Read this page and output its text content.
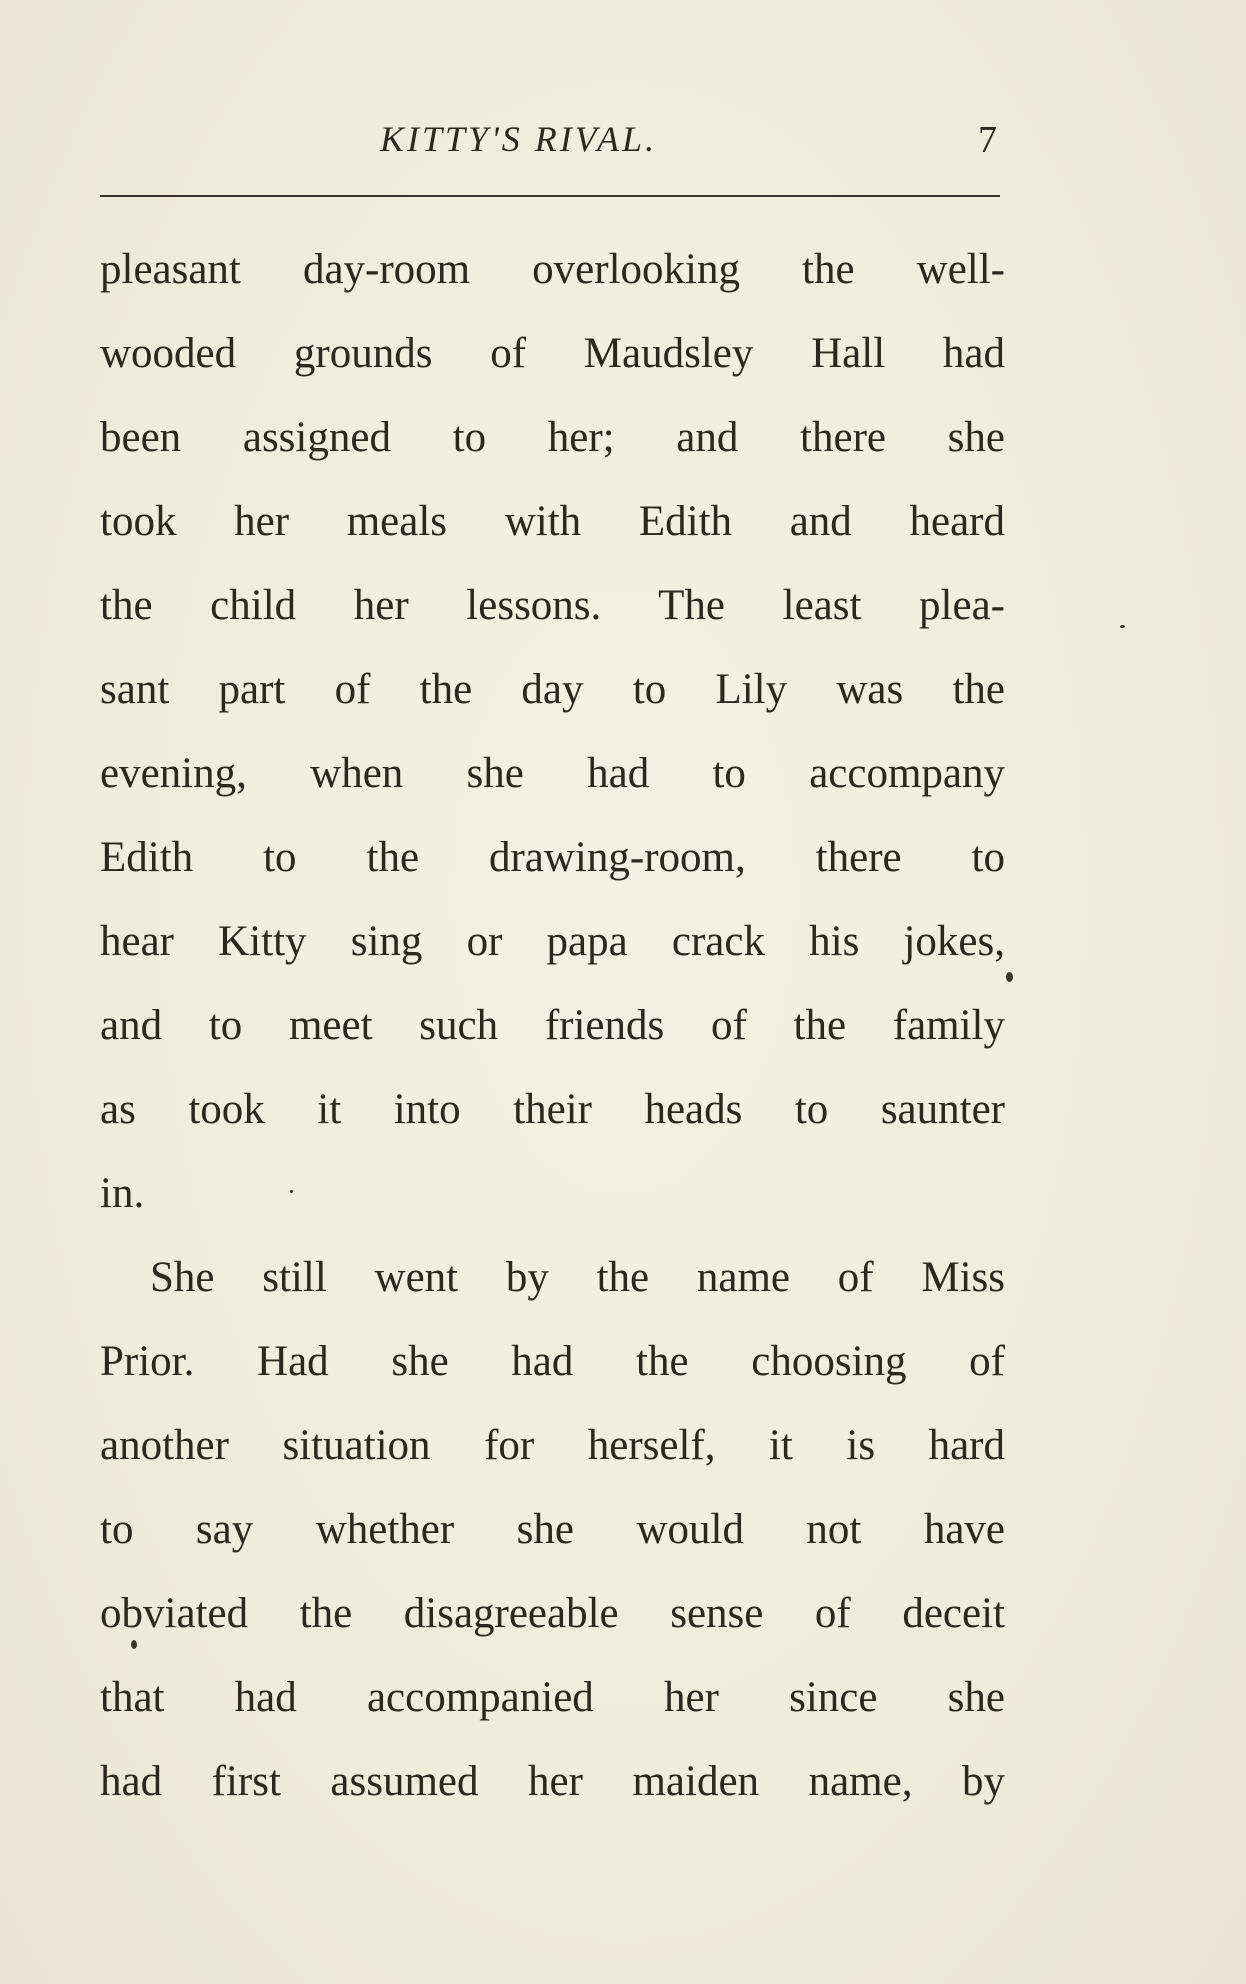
KITTY'S RIVAL.	7
pleasant day-room overlooking the well-
wooded grounds of Maudsley Hall had
been assigned to her; and there she
took her meals with Edith and heard
the child her lessons. The least plea-
sant part of the day to Lily was the
evening, when she had to accompany
Edith to the drawing-room, there to
hear Kitty sing or papa crack his jokes,
and to meet such friends of the family
as took it into their heads to saunter
in.
She still went by the name of Miss
Prior. Had she had the choosing of
another situation for herself, it is hard
to say whether she would not have
obviated the disagreeable sense of deceit
that had accompanied her since she
had first assumed her maiden name, by
